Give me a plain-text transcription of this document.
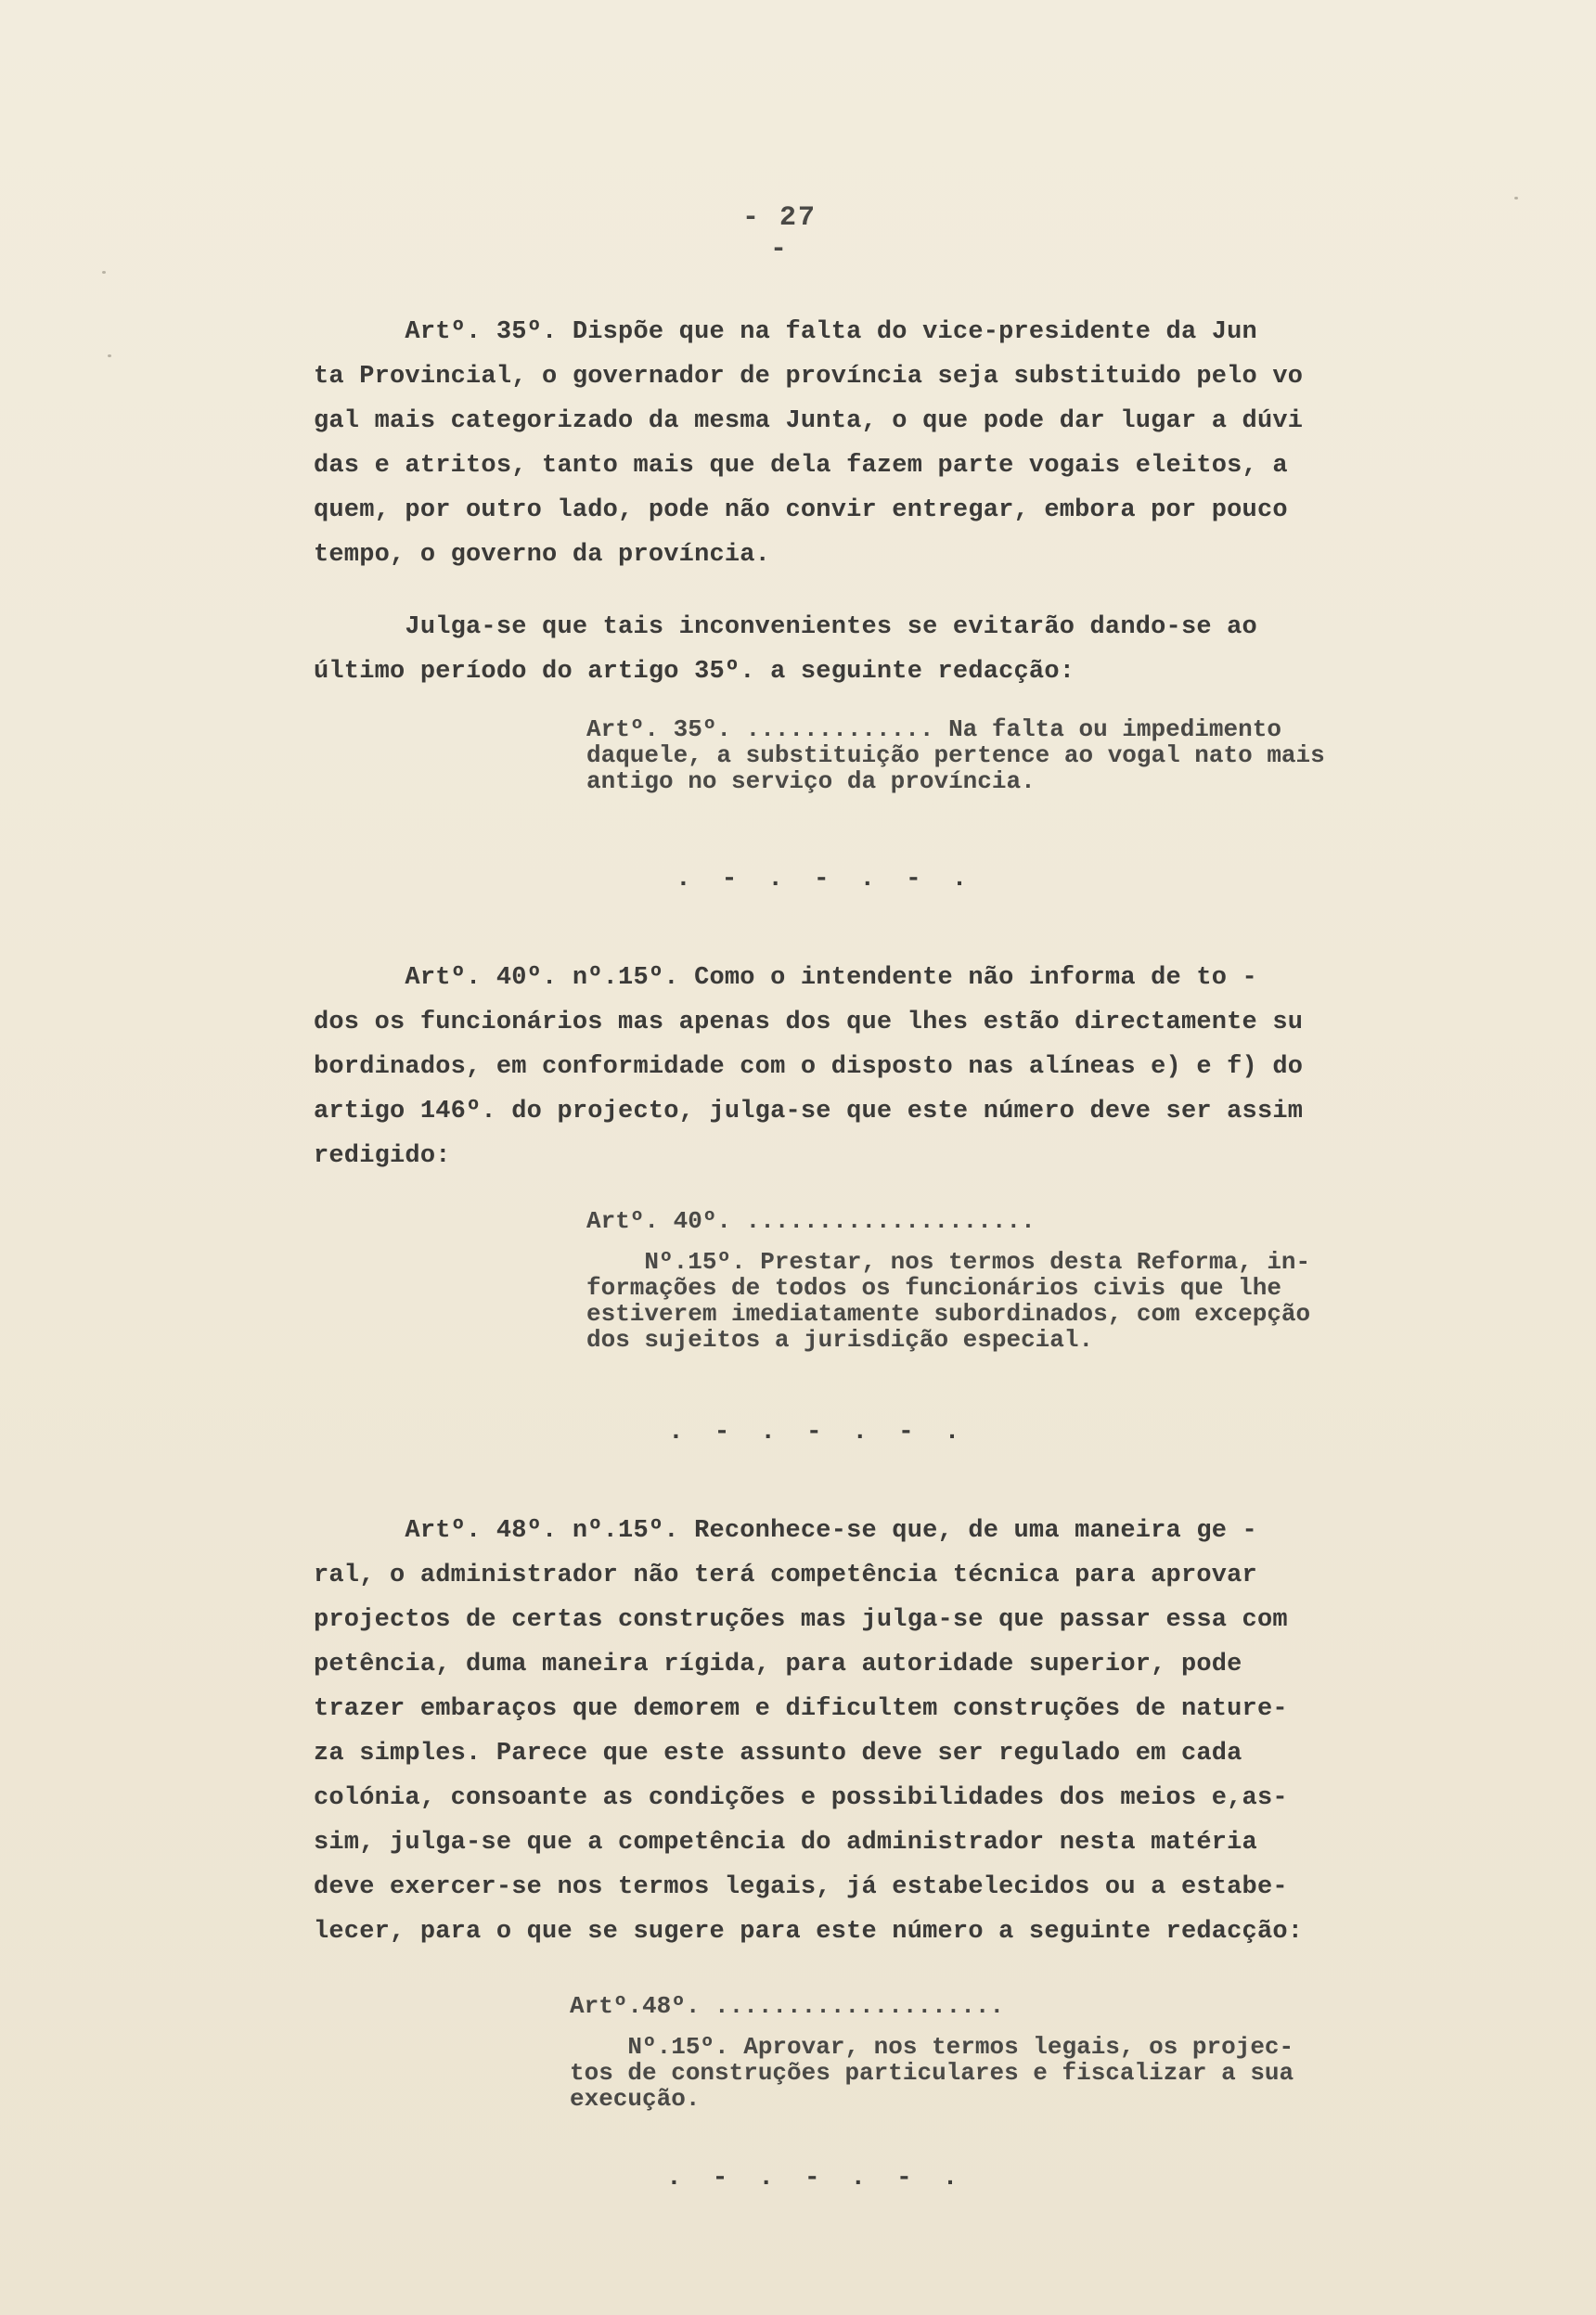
- 27 -

Artº. 35º. Dispõe que na falta do vice-presidente da Jun
ta Provincial, o governador de província seja substituido pelo vo
gal mais categorizado da mesma Junta, o que pode dar lugar a dúvi
das e atritos, tanto mais que dela fazem parte vogais eleitos, a
quem, por outro lado, pode não convir entregar, embora por pouco
tempo, o governo da província.

Julga-se que tais inconvenientes se evitarão dando-se ao
último período do artigo 35º. a seguinte redacção:

Artº. 35º. ............. Na falta ou impedimento
daquele, a substituição pertence ao vogal nato mais
antigo no serviço da província.

. - . - . - .

Artº. 40º. nº.15º. Como o intendente não informa de to -
dos os funcionários mas apenas dos que lhes estão directamente su
bordinados, em conformidade com o disposto nas alíneas e) e f) do
artigo 146º. do projecto, julga-se que este número deve ser assim
redigido:

Artº. 40º. ....................
Nº.15º. Prestar, nos termos desta Reforma, in-
formações de todos os funcionários civis que lhe
estiverem imediatamente subordinados, com excepção
dos sujeitos a jurisdição especial.

. - . - . - .

Artº. 48º. nº.15º. Reconhece-se que, de uma maneira ge -
ral, o administrador não terá competência técnica para aprovar
projectos de certas construções mas julga-se que passar essa com
petência, duma maneira rígida, para autoridade superior, pode
trazer embaraços que demorem e dificultem construções de nature-
za simples. Parece que este assunto deve ser regulado em cada
colónia, consoante as condições e possibilidades dos meios e,as-
sim, julga-se que a competência do administrador nesta matéria
deve exercer-se nos termos legais, já estabelecidos ou a estabe-
lecer, para o que se sugere para este número a seguinte redacção:

Artº.48º. ....................
Nº.15º. Aprovar, nos termos legais, os projec-
tos de construções particulares e fiscalizar a sua
execução.

. - . - . - .
